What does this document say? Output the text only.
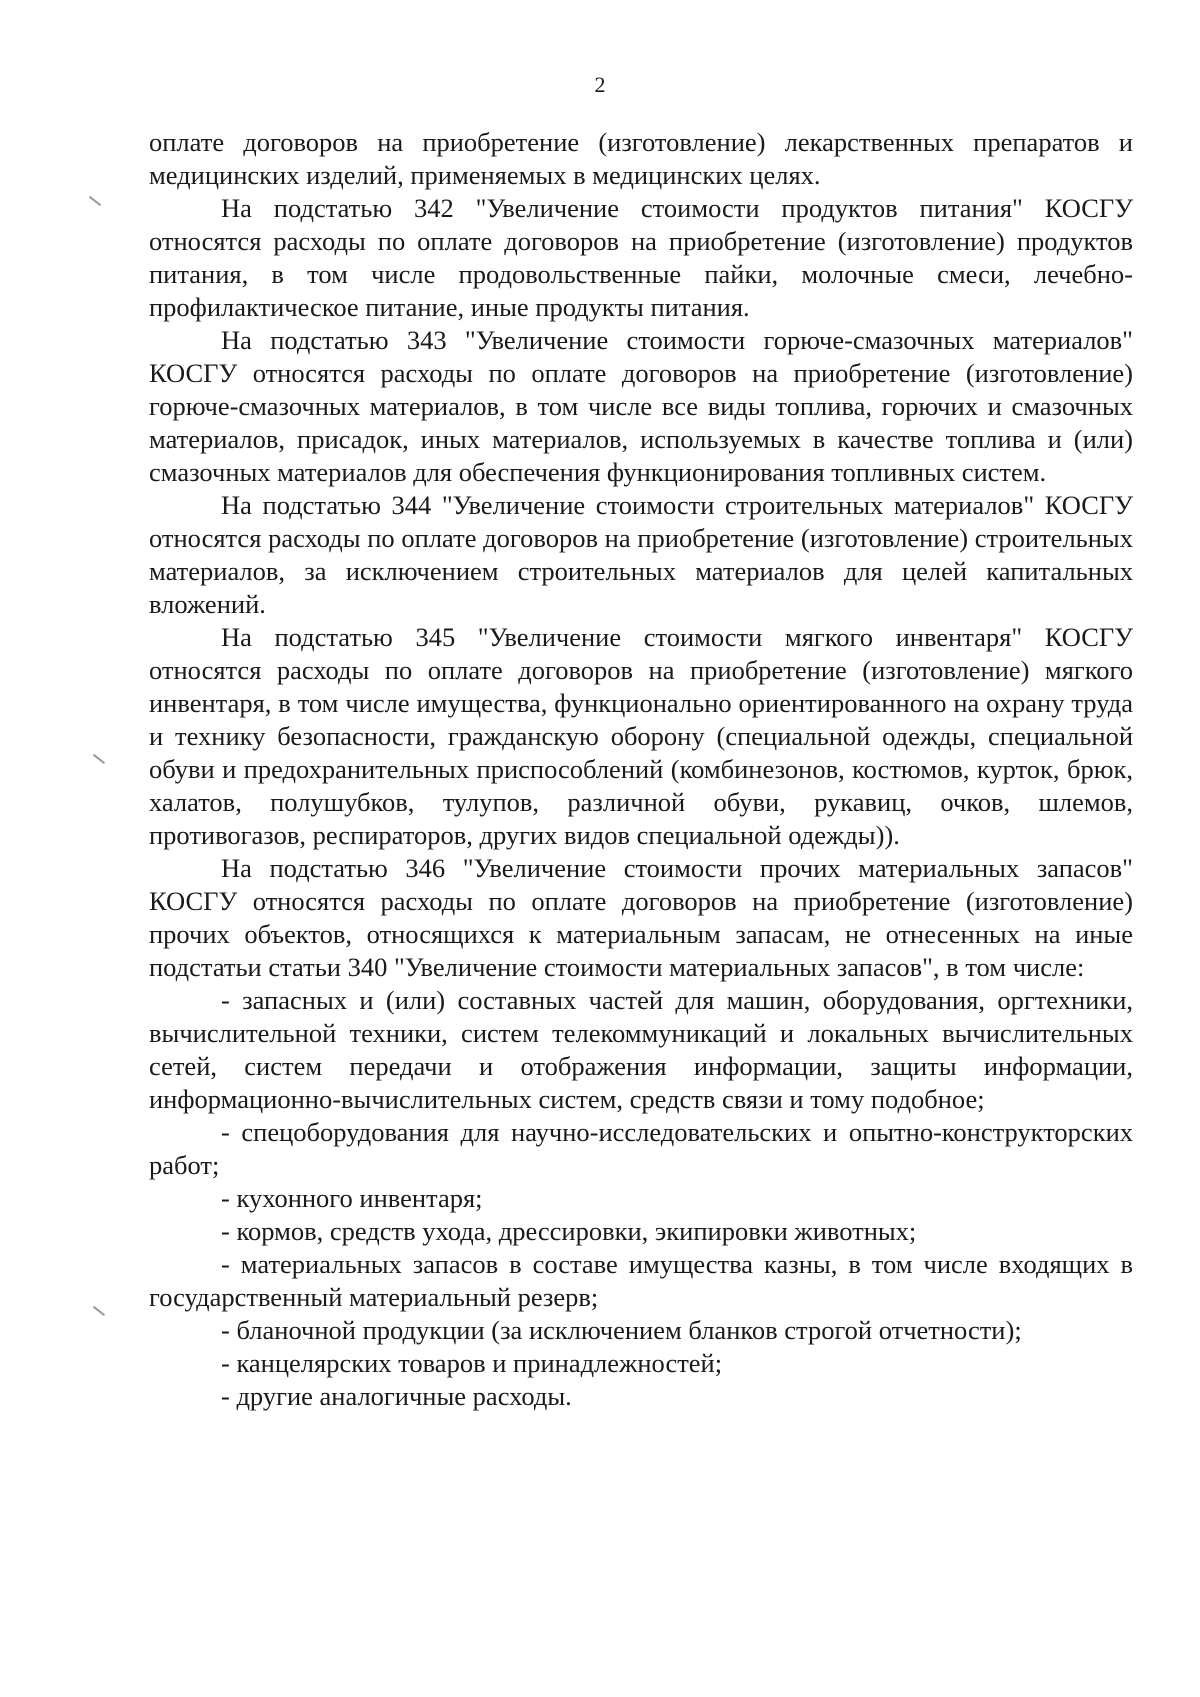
2

оплате договоров на приобретение (изготовление) лекарственных препаратов и медицинских изделий, применяемых в медицинских целях.

На подстатью 342 "Увеличение стоимости продуктов питания" КОСГУ относятся расходы по оплате договоров на приобретение (изготовление) продуктов питания, в том числе продовольственные пайки, молочные смеси, лечебно-профилактическое питание, иные продукты питания.

На подстатью 343 "Увеличение стоимости горюче-смазочных материалов" КОСГУ относятся расходы по оплате договоров на приобретение (изготовление) горюче-смазочных материалов, в том числе все виды топлива, горючих и смазочных материалов, присадок, иных материалов, используемых в качестве топлива и (или) смазочных материалов для обеспечения функционирования топливных систем.

На подстатью 344 "Увеличение стоимости строительных материалов" КОСГУ относятся расходы по оплате договоров на приобретение (изготовление) строительных материалов, за исключением строительных материалов для целей капитальных вложений.

На подстатью 345 "Увеличение стоимости мягкого инвентаря" КОСГУ относятся расходы по оплате договоров на приобретение (изготовление) мягкого инвентаря, в том числе имущества, функционально ориентированного на охрану труда и технику безопасности, гражданскую оборону (специальной одежды, специальной обуви и предохранительных приспособлений (комбинезонов, костюмов, курток, брюк, халатов, полушубков, тулупов, различной обуви, рукавиц, очков, шлемов, противогазов, респираторов, других видов специальной одежды)).

На подстатью 346 "Увеличение стоимости прочих материальных запасов" КОСГУ относятся расходы по оплате договоров на приобретение (изготовление) прочих объектов, относящихся к материальным запасам, не отнесенных на иные подстатьи статьи 340 "Увеличение стоимости материальных запасов", в том числе:

- запасных и (или) составных частей для машин, оборудования, оргтехники, вычислительной техники, систем телекоммуникаций и локальных вычислительных сетей, систем передачи и отображения информации, защиты информации, информационно-вычислительных систем, средств связи и тому подобное;

- спецоборудования для научно-исследовательских и опытно-конструкторских работ;

- кухонного инвентаря;

- кормов, средств ухода, дрессировки, экипировки животных;

- материальных запасов в составе имущества казны, в том числе входящих в государственный материальный резерв;

- бланочной продукции (за исключением бланков строгой отчетности);

- канцелярских товаров и принадлежностей;

- другие аналогичные расходы.
